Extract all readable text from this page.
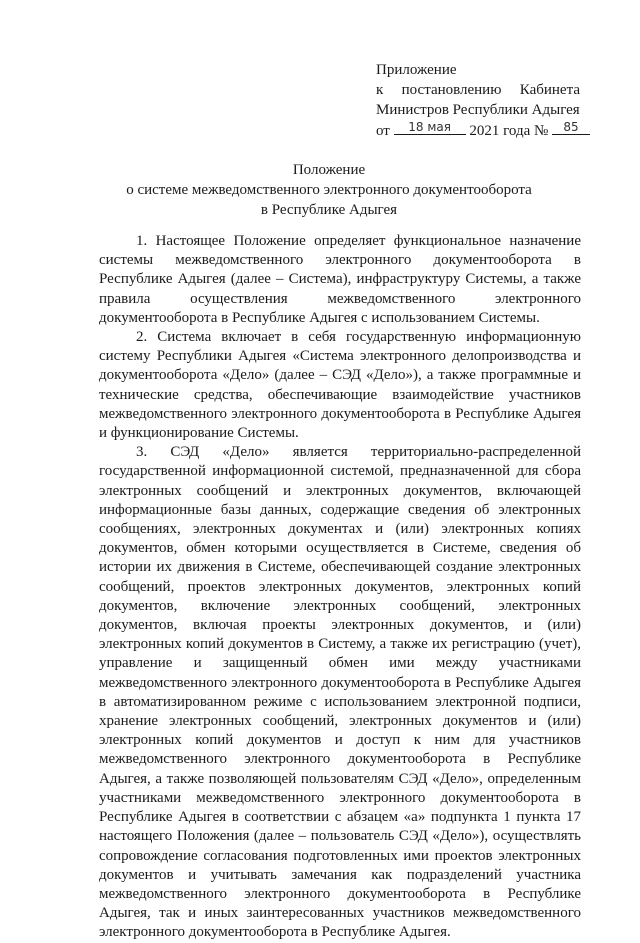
Приложение
к постановлению Кабинета
Министров Республики Адыгея
от	18 мая	2021 года №	85
Положение
о системе межведомственного электронного документооборота
в Республике Адыгея

1. Настоящее Положение определяет функциональное назначение системы межведомственного электронного документооборота в Республике Адыгея (далее – Система), инфраструктуру Системы, а также правила осуществления межведомственного электронного документооборота в Республике Адыгея с использованием Системы.

2. Система включает в себя государственную информационную систему Республики Адыгея «Система электронного делопроизводства и документооборота «Дело» (далее – СЭД «Дело»), а также программные и технические средства, обеспечивающие взаимодействие участников межведомственного электронного документооборота в Республике Адыгея и функционирование Системы.

3. СЭД «Дело» является территориально-распределенной государственной информационной системой, предназначенной для сбора электронных сообщений и электронных документов, включающей информационные базы данных, содержащие сведения об электронных сообщениях, электронных документах и (или) электронных копиях документов, обмен которыми осуществляется в Системе, сведения об истории их движения в Системе, обеспечивающей создание электронных сообщений, проектов электронных документов, электронных копий документов, включение электронных сообщений, электронных документов, включая проекты электронных документов, и (или) электронных копий документов в Систему, а также их регистрацию (учет), управление и защищенный обмен ими между участниками межведомственного электронного документооборота в Республике Адыгея в автоматизированном режиме с использованием электронной подписи, хранение электронных сообщений, электронных документов и (или) электронных копий документов и доступ к ним для участников межведомственного электронного документооборота в Республике Адыгея, а также позволяющей пользователям СЭД «Дело», определенным участниками межведомственного электронного документооборота в Республике Адыгея в соответствии с абзацем «а» подпункта 1 пункта 17 настоящего Положения (далее – пользователь СЭД «Дело»), осуществлять сопровождение согласования подготовленных ими проектов электронных документов и учитывать замечания как подразделений участника межведомственного электронного документооборота в Республике Адыгея, так и иных заинтересованных участников межведомственного электронного документооборота в Республике Адыгея.
